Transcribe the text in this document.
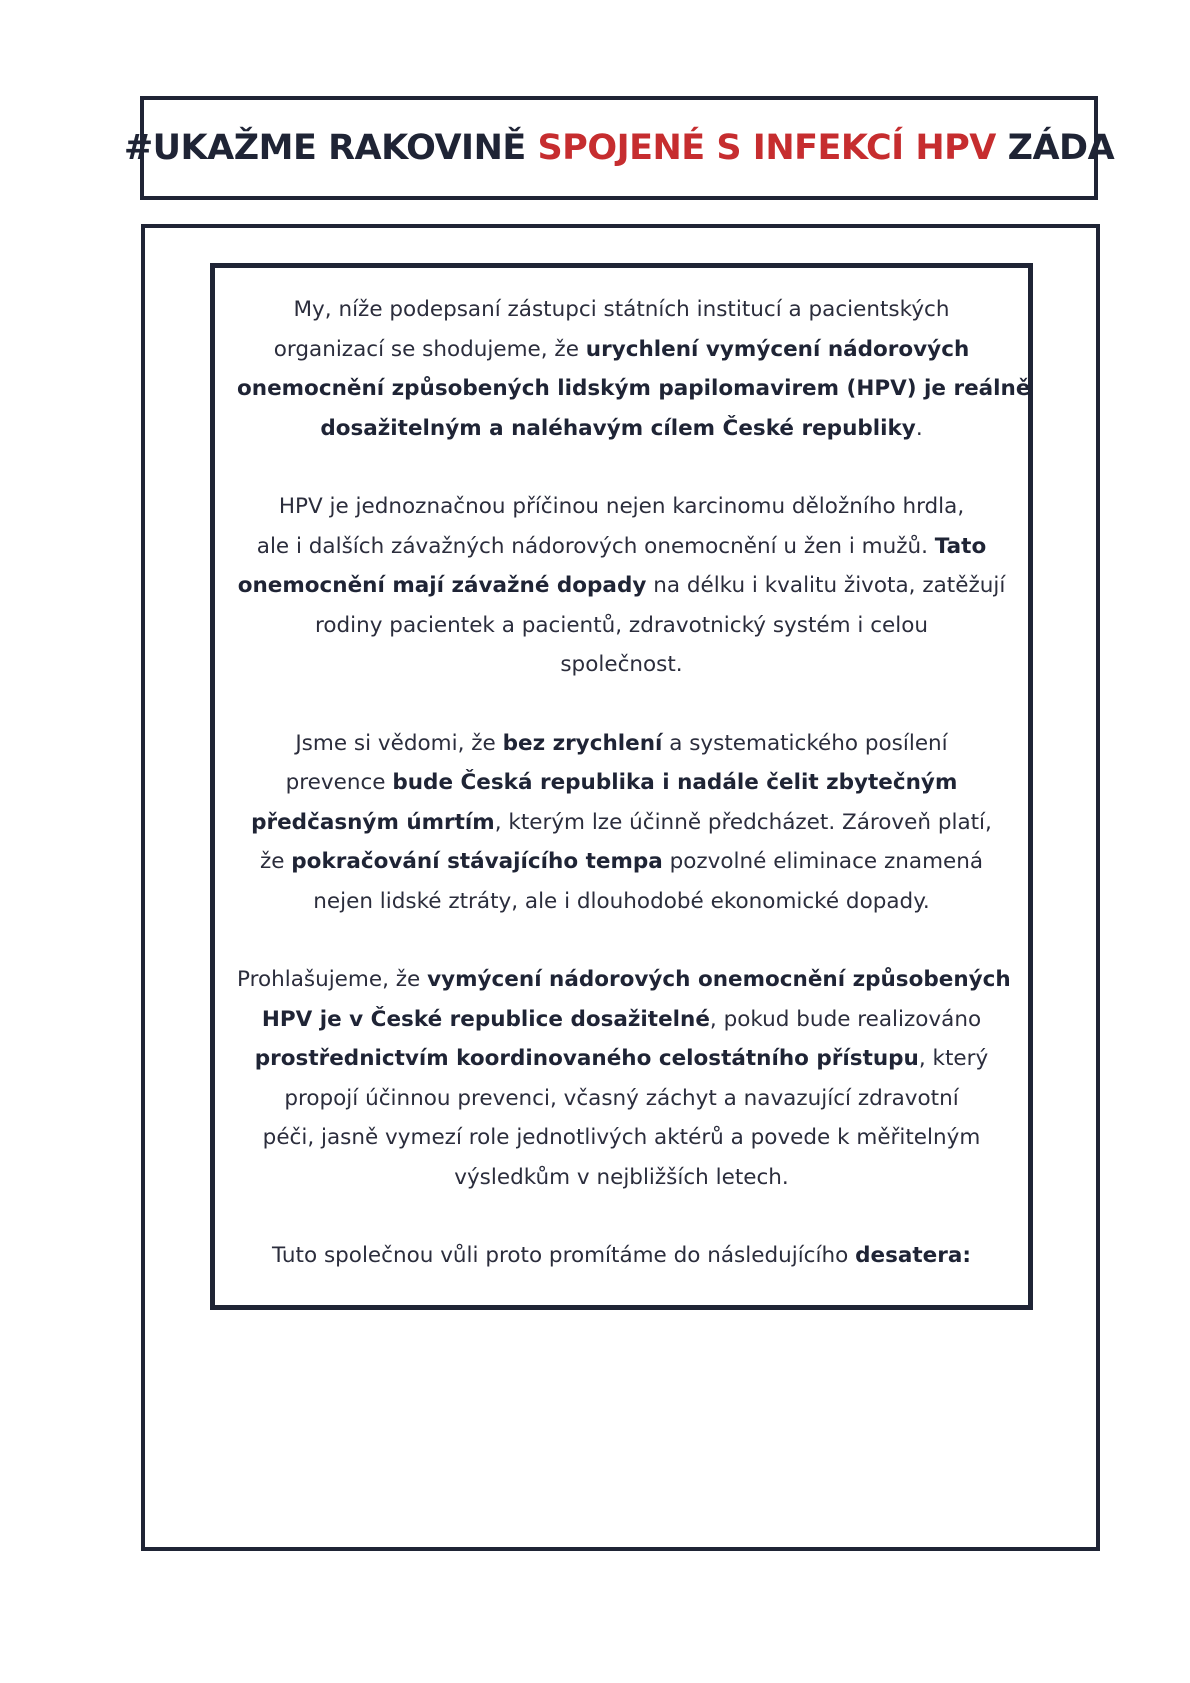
#UKAŽME RAKOVINĚ SPOJENÉ S INFEKCÍ HPV ZÁDA

My, níže podepsaní zástupci státních institucí a pacientských
organizací se shodujeme, že urychlení vymýcení nádorových
onemocnění způsobených lidským papilomavirem (HPV) je reálně
dosažitelným a naléhavým cílem České republiky.

HPV je jednoznačnou příčinou nejen karcinomu děložního hrdla,
ale i dalších závažných nádorových onemocnění u žen i mužů. Tato
onemocnění mají závažné dopady na délku i kvalitu života, zatěžují
rodiny pacientek a pacientů, zdravotnický systém i celou
společnost.

Jsme si vědomi, že bez zrychlení a systematického posílení
prevence bude Česká republika i nadále čelit zbytečným
předčasným úmrtím, kterým lze účinně předcházet. Zároveň platí,
že pokračování stávajícího tempa pozvolné eliminace znamená
nejen lidské ztráty, ale i dlouhodobé ekonomické dopady.

Prohlašujeme, že vymýcení nádorových onemocnění způsobených
HPV je v České republice dosažitelné, pokud bude realizováno
prostřednictvím koordinovaného celostátního přístupu, který
propojí účinnou prevenci, včasný záchyt a navazující zdravotní
péči, jasně vymezí role jednotlivých aktérů a povede k měřitelným
výsledkům v nejbližších letech.

Tuto společnou vůli proto promítáme do následujícího desatera:
